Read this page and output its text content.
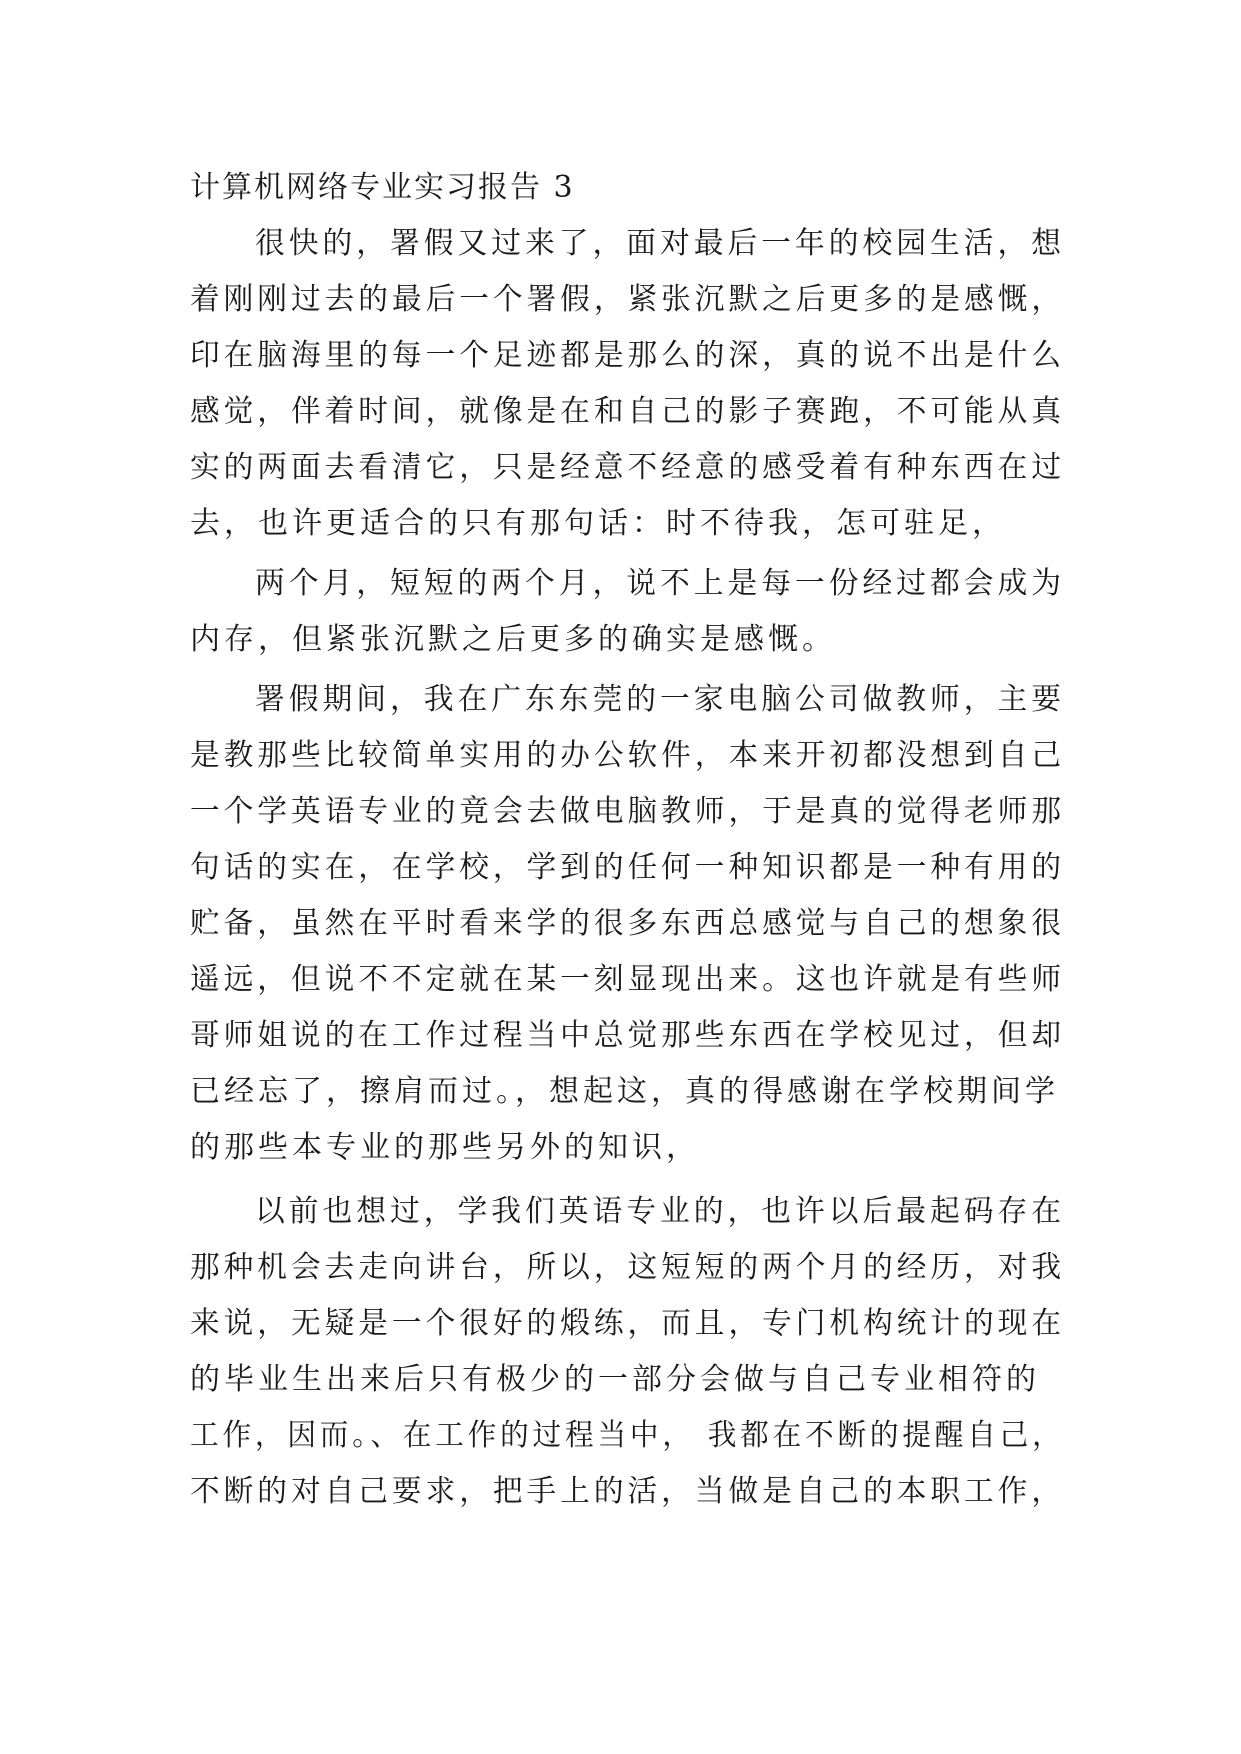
计算机网络专业实习报告 3
很快的，署假又过来了，面对最后一年的校园生活，想
着刚刚过去的最后一个署假，紧张沉默之后更多的是感慨，
印在脑海里的每一个足迹都是那么的深，真的说不出是什么
感觉，伴着时间，就像是在和自己的影子赛跑，不可能从真
实的两面去看清它，只是经意不经意的感受着有种东西在过
去，也许更适合的只有那句话：时不待我，怎可驻足，
两个月，短短的两个月，说不上是每一份经过都会成为
内存，但紧张沉默之后更多的确实是感慨。
署假期间，我在广东东莞的一家电脑公司做教师，主要
是教那些比较简单实用的办公软件，本来开初都没想到自己
一个学英语专业的竟会去做电脑教师，于是真的觉得老师那
句话的实在，在学校，学到的任何一种知识都是一种有用的
贮备，虽然在平时看来学的很多东西总感觉与自己的想象很
遥远，但说不不定就在某一刻显现出来。这也许就是有些师
哥师姐说的在工作过程当中总觉那些东西在学校见过，但却
已经忘了，擦肩而过。，想起这，真的得感谢在学校期间学
的那些本专业的那些另外的知识，
以前也想过，学我们英语专业的，也许以后最起码存在
那种机会去走向讲台，所以，这短短的两个月的经历，对我
来说，无疑是一个很好的煅练，而且，专门机构统计的现在
的毕业生出来后只有极少的一部分会做与自己专业相符的
工作，因而。、在工作的过程当中， 我都在不断的提醒自己，
不断的对自己要求，把手上的活，当做是自己的本职工作，
